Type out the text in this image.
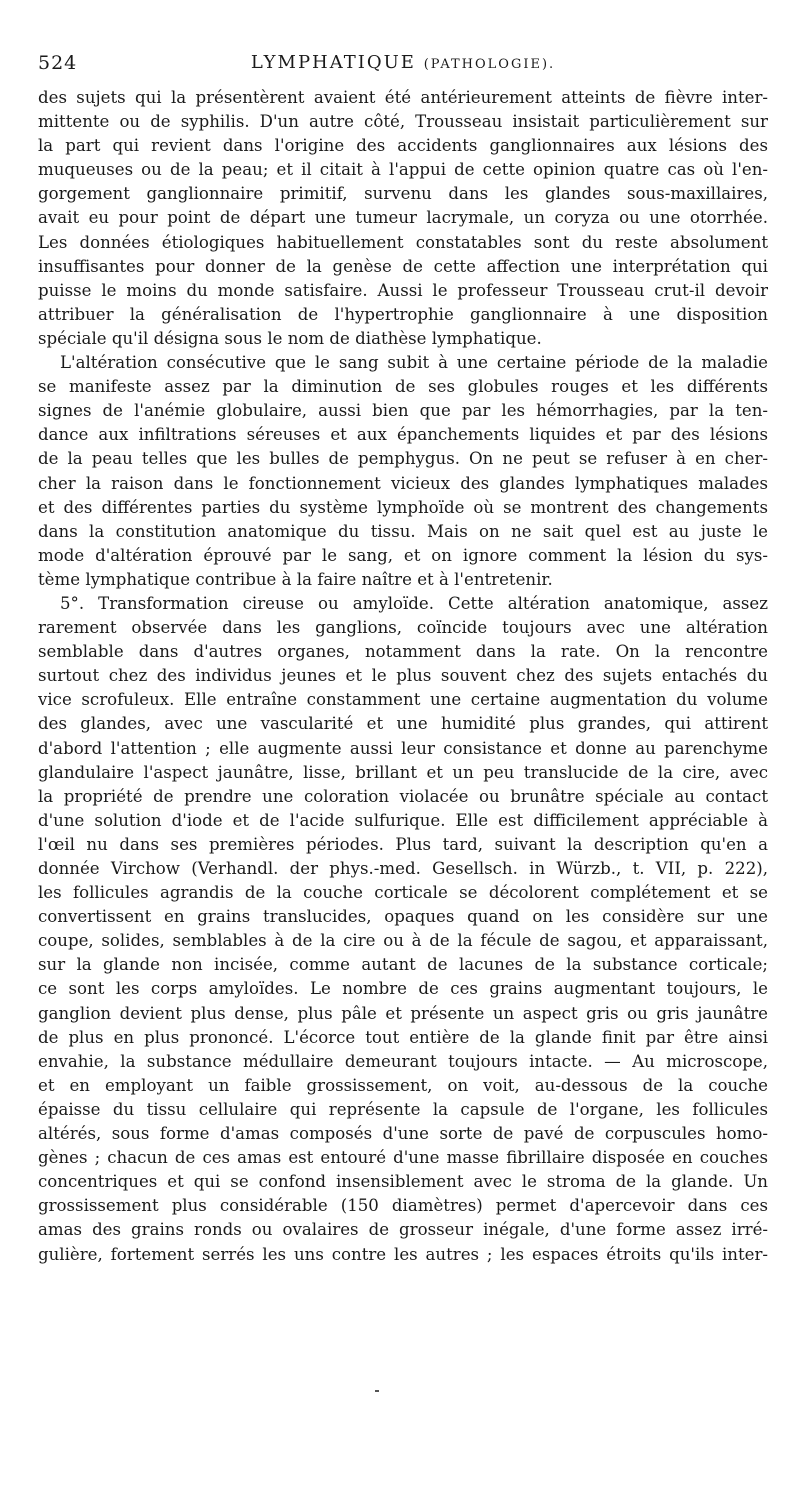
524	LYMPHATIQUE (PATHOLOGIE).
des sujets qui la présentèrent avaient été antérieurement atteints de fièvre inter-
mittente ou de syphilis. D'un autre côté, Trousseau insistait particulièrement sur
la part qui revient dans l'origine des accidents ganglionnaires aux lésions des
muqueuses ou de la peau; et il citait à l'appui de cette opinion quatre cas où l'en-
gorgement ganglionnaire primitif, survenu dans les glandes sous-maxillaires,
avait eu pour point de départ une tumeur lacrymale, un coryza ou une otorrhée.
Les données étiologiques habituellement constatables sont du reste absolument
insuffisantes pour donner de la genèse de cette affection une interprétation qui
puisse le moins du monde satisfaire. Aussi le professeur Trousseau crut-il devoir
attribuer la généralisation de l'hypertrophie ganglionnaire à une disposition
spéciale qu'il désigna sous le nom de diathèse lymphatique.
L'altération consécutive que le sang subit à une certaine période de la maladie
se manifeste assez par la diminution de ses globules rouges et les différents
signes de l'anémie globulaire, aussi bien que par les hémorrhagies, par la ten-
dance aux infiltrations séreuses et aux épanchements liquides et par des lésions
de la peau telles que les bulles de pemphygus. On ne peut se refuser à en cher-
cher la raison dans le fonctionnement vicieux des glandes lymphatiques malades
et des différentes parties du système lymphoïde où se montrent des changements
dans la constitution anatomique du tissu. Mais on ne sait quel est au juste le
mode d'altération éprouvé par le sang, et on ignore comment la lésion du sys-
tème lymphatique contribue à la faire naître et à l'entretenir.
5°. Transformation cireuse ou amyloïde. Cette altération anatomique, assez
rarement observée dans les ganglions, coïncide toujours avec une altération
semblable dans d'autres organes, notamment dans la rate. On la rencontre
surtout chez des individus jeunes et le plus souvent chez des sujets entachés du
vice scrofuleux. Elle entraîne constamment une certaine augmentation du volume
des glandes, avec une vascularité et une humidité plus grandes, qui attirent
d'abord l'attention ; elle augmente aussi leur consistance et donne au parenchyme
glandulaire l'aspect jaunâtre, lisse, brillant et un peu translucide de la cire, avec
la propriété de prendre une coloration violacée ou brunâtre spéciale au contact
d'une solution d'iode et de l'acide sulfurique. Elle est difficilement appréciable à
l'œil nu dans ses premières périodes. Plus tard, suivant la description qu'en a
donnée Virchow (Verhandl. der phys.-med. Gesellsch. in Würzb., t. VII, p. 222),
les follicules agrandis de la couche corticale se décolorent complétement et se
convertissent en grains translucides, opaques quand on les considère sur une
coupe, solides, semblables à de la cire ou à de la fécule de sagou, et apparaissant,
sur la glande non incisée, comme autant de lacunes de la substance corticale;
ce sont les corps amyloïdes. Le nombre de ces grains augmentant toujours, le
ganglion devient plus dense, plus pâle et présente un aspect gris ou gris jaunâtre
de plus en plus prononcé. L'écorce tout entière de la glande finit par être ainsi
envahie, la substance médullaire demeurant toujours intacte. — Au microscope,
et en employant un faible grossissement, on voit, au-dessous de la couche
épaisse du tissu cellulaire qui représente la capsule de l'organe, les follicules
altérés, sous forme d'amas composés d'une sorte de pavé de corpuscules homo-
gènes ; chacun de ces amas est entouré d'une masse fibrillaire disposée en couches
concentriques et qui se confond insensiblement avec le stroma de la glande. Un
grossissement plus considérable (150 diamètres) permet d'apercevoir dans ces
amas des grains ronds ou ovalaires de grosseur inégale, d'une forme assez irré-
gulière, fortement serrés les uns contre les autres ; les espaces étroits qu'ils inter-
